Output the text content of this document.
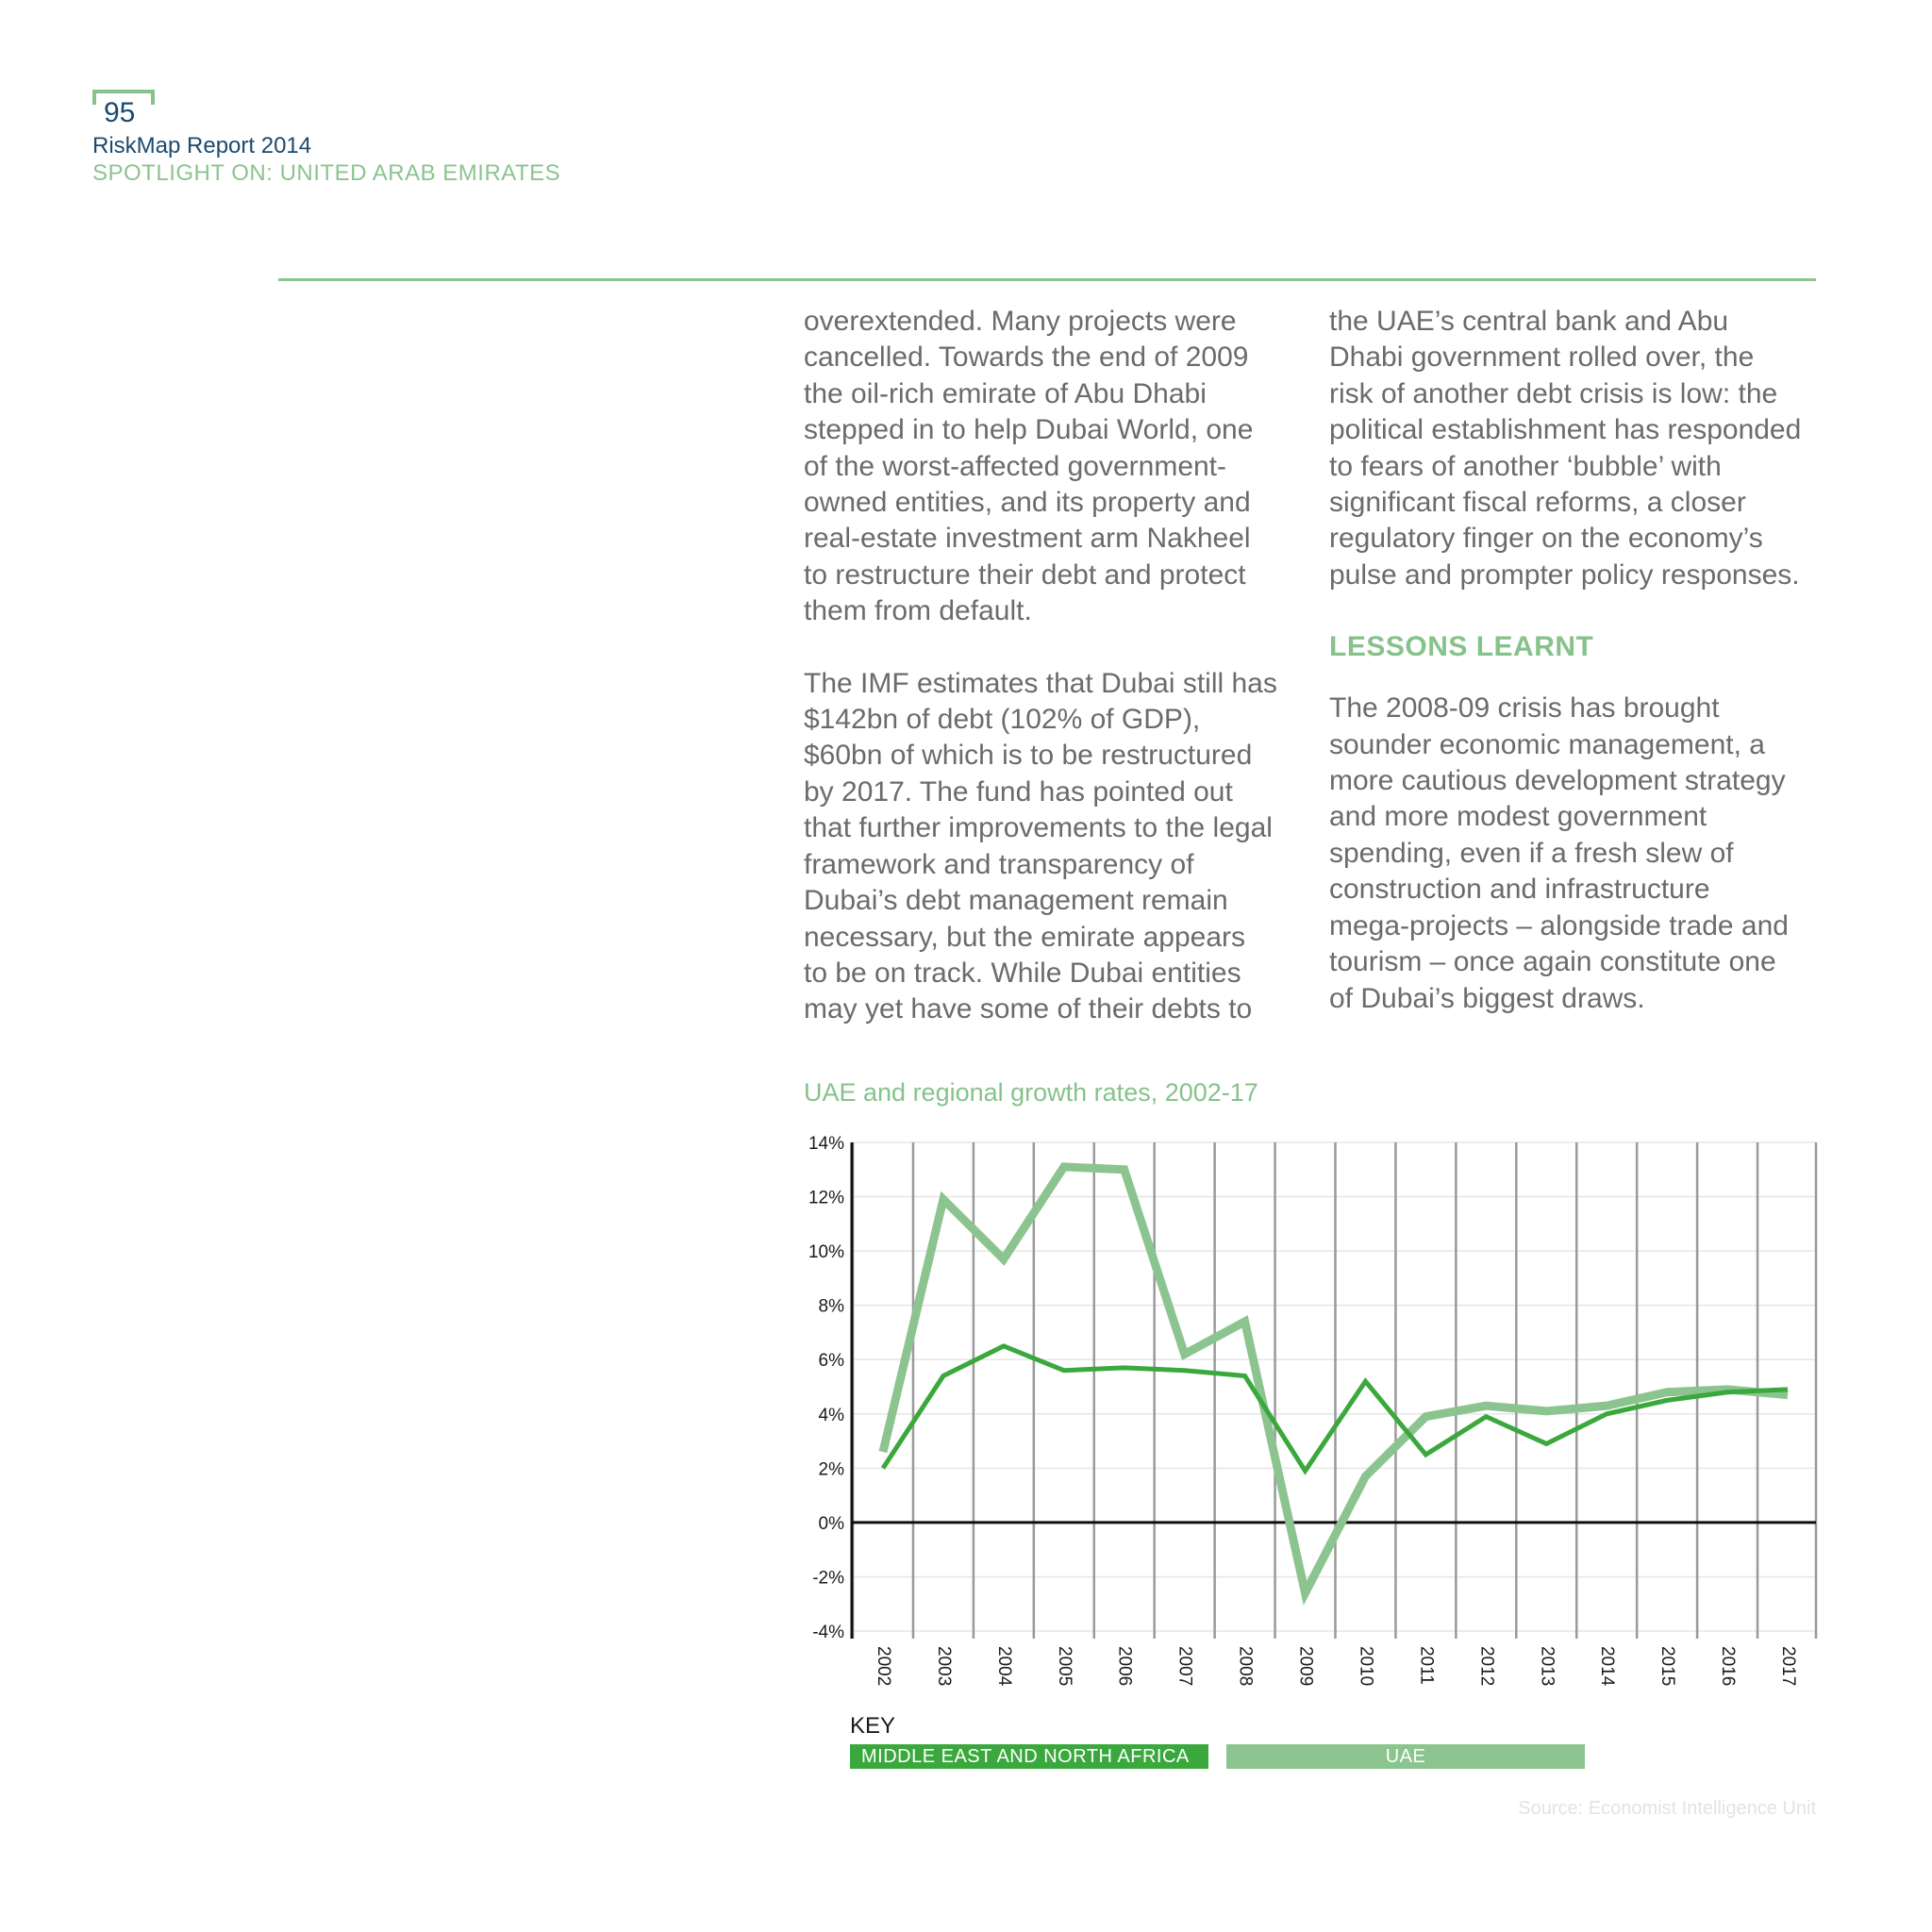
95
RiskMap Report 2014
SPOTLIGHT ON: UNITED ARAB EMIRATES

overextended. Many projects were
cancelled. Towards the end of 2009
the oil-rich emirate of Abu Dhabi
stepped in to help Dubai World, one
of the worst-affected government-
owned entities, and its property and
real-estate investment arm Nakheel
to restructure their debt and protect
them from default.

The IMF estimates that Dubai still has
$142bn of debt (102% of GDP),
$60bn of which is to be restructured
by 2017. The fund has pointed out
that further improvements to the legal
framework and transparency of
Dubai’s debt management remain
necessary, but the emirate appears
to be on track. While Dubai entities
may yet have some of their debts to

the UAE’s central bank and Abu
Dhabi government rolled over, the
risk of another debt crisis is low: the
political establishment has responded
to fears of another ‘bubble’ with
significant fiscal reforms, a closer
regulatory finger on the economy’s
pulse and prompter policy responses.

LESSONS LEARNT

The 2008-09 crisis has brought
sounder economic management, a
more cautious development strategy
and more modest government
spending, even if a fresh slew of
construction and infrastructure
mega-projects – alongside trade and
tourism – once again constitute one
of Dubai’s biggest draws.

UAE and regional growth rates, 2002-17
14%
12%
10%
8%
6%
4%
2%
0%
-2%
-4%
2002 2003 2004 2005 2006 2007 2008 2009 2010 2011 2012 2013 2014 2015 2016 2017
KEY
MIDDLE EAST AND NORTH AFRICA	UAE
Source: Economist Intelligence Unit
